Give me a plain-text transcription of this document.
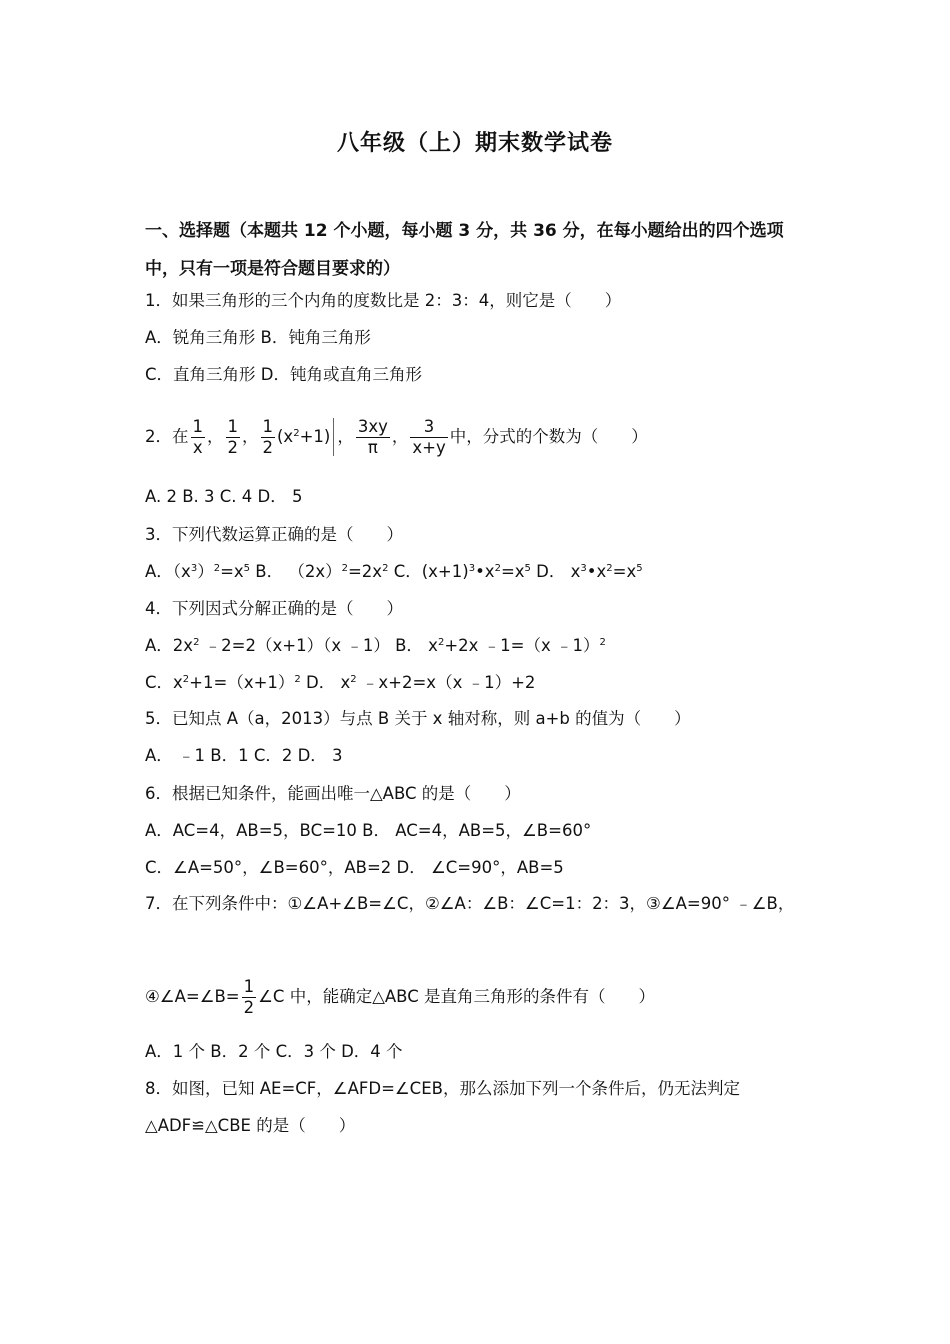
八年级（上）期末数学试卷
一、选择题（本题共 12 个小题，每小题 3 分，共 36 分，在每小题给出的四个选项
中，只有一项是符合题目要求的）
1．如果三角形的三个内角的度数比是 2：3：4，则它是（　　）
A．锐角三角形 B．钝角三角形
C．直角三角形 D．钝角或直角三角形
2．在 $\frac{1}{x}$ ， $\frac{1}{2}$ ， $\frac{1}{2} (x^2+1)$ ， $\frac{3xy}{\pi}$ ， $\frac{3}{x+y}$ 中，分式的个数为（　　）
A. 2 B. 3 C. 4 D． 5
3．下列代数运算正确的是（　　）
A．$(x^3)^2=x^5$ B． $(2x)^2=2x^2$ C．$(x+1)^3•x^2=x^5$ D． $x^3•x^2=x^5$
4．下列因式分解正确的是（　　）
A．$2x^2$ ﹣2=2（x+1）（x ﹣1） B． $x^2+2x$ ﹣1=（x ﹣1）$^2$
C．$x^2+1=(x+1)^2$ D． $x^2$ ﹣x+2=x（x ﹣1）+2
5．已知点 A（a，2013）与点 B 关于 x 轴对称，则 a+b 的值为（　　）
A． ﹣1 B．1 C．2 D． 3
6．根据已知条件，能画出唯一△ABC 的是（　　）
A．AC=4，AB=5，BC=10 B． AC=4，AB=5，∠B=60°
C．∠A=50°，∠B=60°，AB=2 D． ∠C=90°，AB=5
7．在下列条件中：①∠A+∠B=∠C，②∠A：∠B：∠C=1：2：3，③∠A=90° ﹣∠B，
④∠A=∠B= $\frac{1}{2}$ ∠C 中，能确定△ABC 是直角三角形的条件有（　　）
A．1 个 B．2 个 C．3 个 D．4 个
8．如图，已知 AE=CF，∠AFD=∠CEB，那么添加下列一个条件后，仍无法判定
△ADF≌△CBE 的是（　　）
